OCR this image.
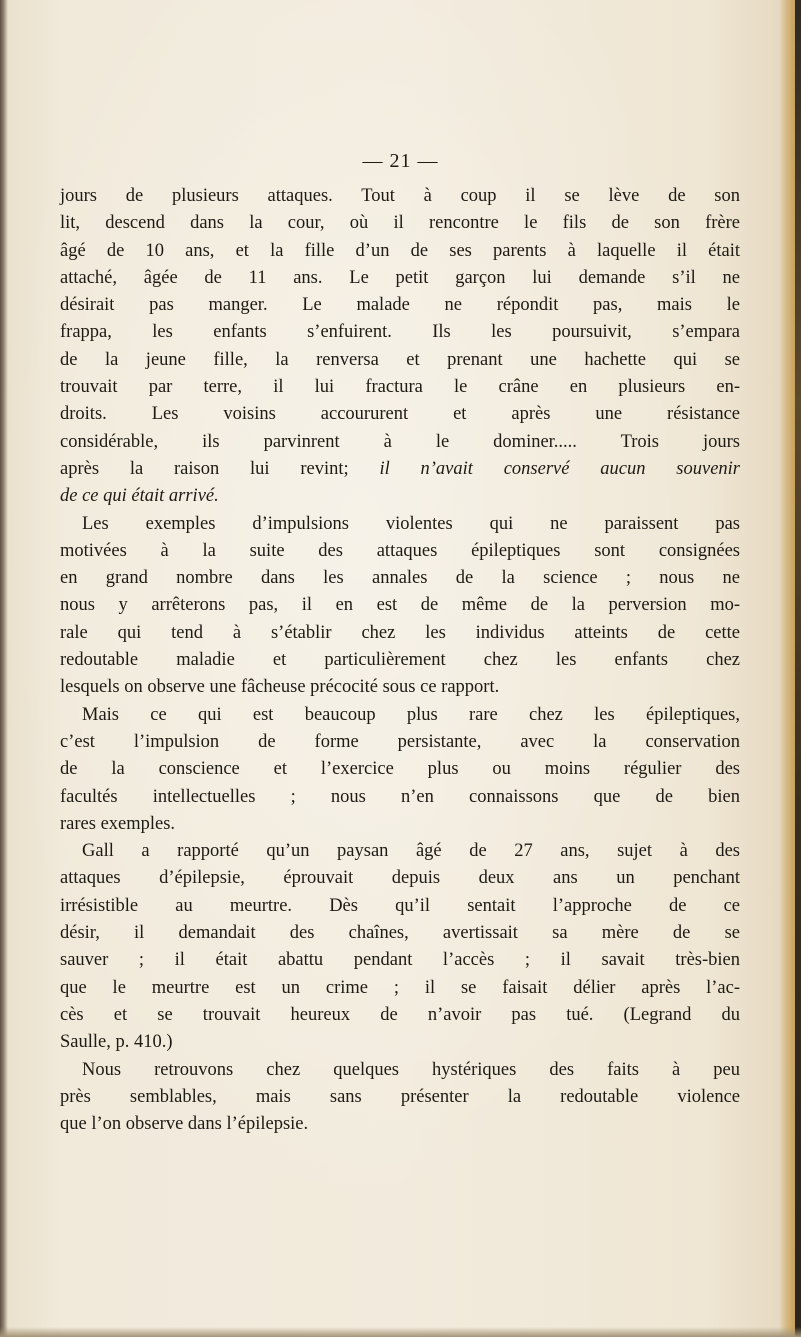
— 21 —
jours de plusieurs attaques. Tout à coup il se lève de son
lit, descend dans la cour, où il rencontre le fils de son frère
âgé de 10 ans, et la fille d’un de ses parents à laquelle il était
attaché, âgée de 11 ans. Le petit garçon lui demande s’il ne
désirait pas manger. Le malade ne répondit pas, mais le
frappa, les enfants s’enfuirent. Ils les poursuivit, s’empara
de la jeune fille, la renversa et prenant une hachette qui se
trouvait par terre, il lui fractura le crâne en plusieurs en-
droits. Les voisins accoururent et après une résistance
considérable, ils parvinrent à le dominer..... Trois jours
après la raison lui revint; il n’avait conservé aucun souvenir
de ce qui était arrivé.
Les exemples d’impulsions violentes qui ne paraissent pas
motivées à la suite des attaques épileptiques sont consignées
en grand nombre dans les annales de la science ; nous ne
nous y arrêterons pas, il en est de même de la perversion mo-
rale qui tend à s’établir chez les individus atteints de cette
redoutable maladie et particulièrement chez les enfants chez
lesquels on observe une fâcheuse précocité sous ce rapport.
Mais ce qui est beaucoup plus rare chez les épileptiques,
c’est l’impulsion de forme persistante, avec la conservation
de la conscience et l’exercice plus ou moins régulier des
facultés intellectuelles ; nous n’en connaissons que de bien
rares exemples.
Gall a rapporté qu’un paysan âgé de 27 ans, sujet à des
attaques d’épilepsie, éprouvait depuis deux ans un penchant
irrésistible au meurtre. Dès qu’il sentait l’approche de ce
désir, il demandait des chaînes, avertissait sa mère de se
sauver ; il était abattu pendant l’accès ; il savait très-bien
que le meurtre est un crime ; il se faisait délier après l’ac-
cès et se trouvait heureux de n’avoir pas tué. (Legrand du
Saulle, p. 410.)
Nous retrouvons chez quelques hystériques des faits à peu
près semblables, mais sans présenter la redoutable violence
que l’on observe dans l’épilepsie.
